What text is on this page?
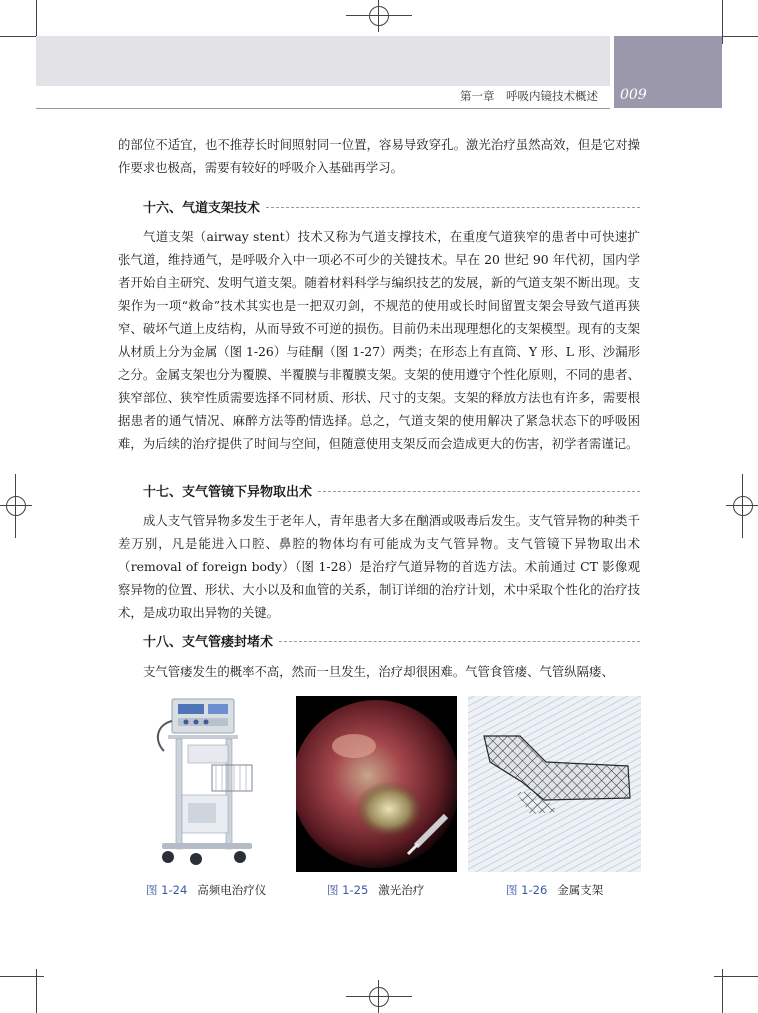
009
第一章　呼吸内镜技术概述

的部位不适宜，也不推荐长时间照射同一位置，容易导致穿孔。激光治疗虽然高效，但是它对操作要求也极高，需要有较好的呼吸介入基础再学习。

十六、气道支架技术

气道支架（airway stent）技术又称为气道支撑技术，在重度气道狭窄的患者中可快速扩张气道，维持通气，是呼吸介入中一项必不可少的关键技术。早在 20 世纪 90 年代初，国内学者开始自主研究、发明气道支架。随着材料科学与编织技艺的发展，新的气道支架不断出现。支架作为一项“救命”技术其实也是一把双刃剑，不规范的使用或长时间留置支架会导致气道再狭窄、破坏气道上皮结构，从而导致不可逆的损伤。目前仍未出现理想化的支架模型。现有的支架从材质上分为金属（图 1-26）与硅酮（图 1-27）两类；在形态上有直筒、Y 形、L 形、沙漏形之分。金属支架也分为覆膜、半覆膜与非覆膜支架。支架的使用遵守个性化原则，不同的患者、狭窄部位、狭窄性质需要选择不同材质、形状、尺寸的支架。支架的释放方法也有许多，需要根据患者的通气情况、麻醉方法等酌情选择。总之，气道支架的使用解决了紧急状态下的呼吸困难，为后续的治疗提供了时间与空间，但随意使用支架反而会造成更大的伤害，初学者需谨记。

十七、支气管镜下异物取出术

成人支气管异物多发生于老年人，青年患者大多在酗酒或吸毒后发生。支气管异物的种类千差万别，凡是能进入口腔、鼻腔的物体均有可能成为支气管异物。支气管镜下异物取出术（removal of foreign body）（图 1-28）是治疗气道异物的首选方法。术前通过 CT 影像观察异物的位置、形状、大小以及和血管的关系，制订详细的治疗计划，术中采取个性化的治疗技术，是成功取出异物的关键。

十八、支气管瘘封堵术

支气管瘘发生的概率不高，然而一旦发生，治疗却很困难。气管食管瘘、气管纵隔瘘、

图 1-24 高频电治疗仪	图 1-25 激光治疗	图 1-26 金属支架
